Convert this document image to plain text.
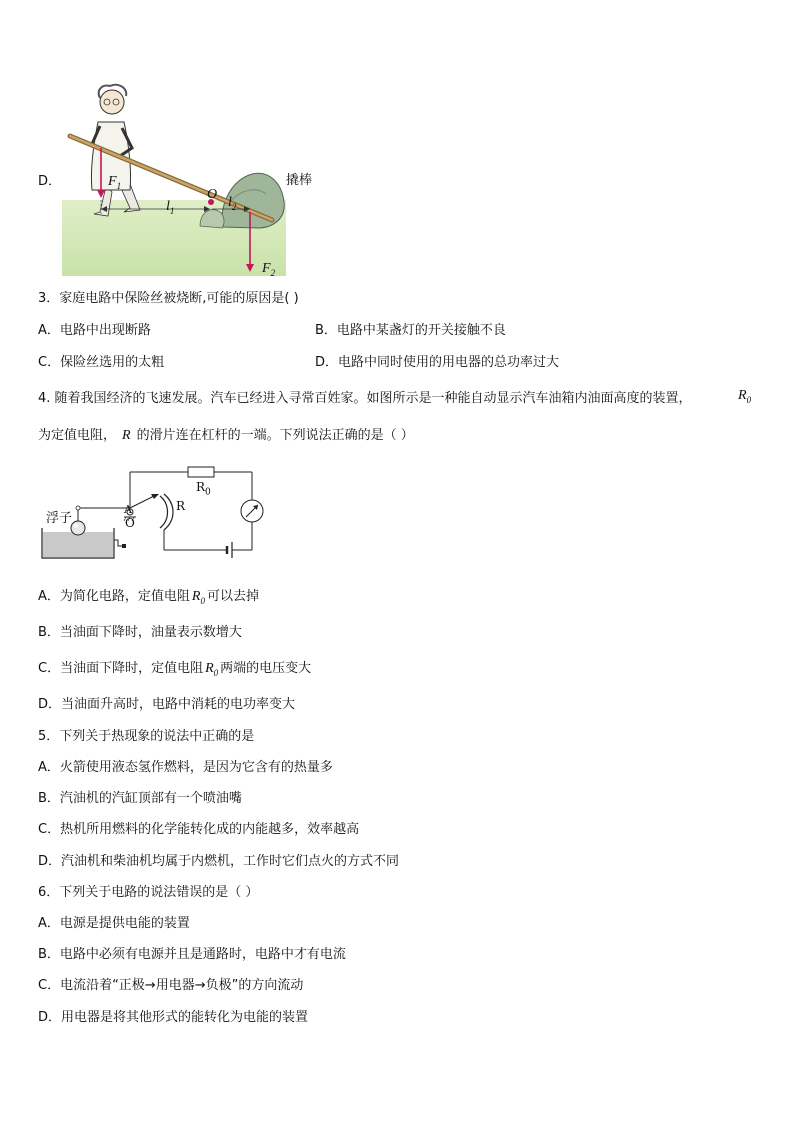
D．	撬棒
$F_1$
O
$l_1$
$l_2$
$F_2$
3．家庭电路中保险丝被烧断,可能的原因是( )
A．电路中出现断路	B．电路中某盏灯的开关接触不良
C．保险丝选用的太粗	D．电路中同时使用的用电器的总功率过大
4. 随着我国经济的飞速发展。汽车已经进入寻常百姓家。如图所示是一种能自动显示汽车油箱内油面高度的装置，	$R_0$
为定值电阻， R 的滑片连在杠杆的一端。下列说法正确的是（ ）
浮子
A
O
R
$R_0$
A．为简化电路，定值电阻 $R_0$ 可以去掉
B．当油面下降时，油量表示数增大
C．当油面下降时，定值电阻 $R_0$ 两端的电压变大
D．当油面升高时，电路中消耗的电功率变大
5．下列关于热现象的说法中正确的是
A．火箭使用液态氢作燃料，是因为它含有的热量多
B．汽油机的汽缸顶部有一个喷油嘴
C．热机所用燃料的化学能转化成的内能越多，效率越高
D．汽油机和柴油机均属于内燃机，工作时它们点火的方式不同
6．下列关于电路的说法错误的是（ ）
A．电源是提供电能的装置
B．电路中必须有电源并且是通路时，电路中才有电流
C．电流沿着“正极→用电器→负极”的方向流动
D．用电器是将其他形式的能转化为电能的装置
